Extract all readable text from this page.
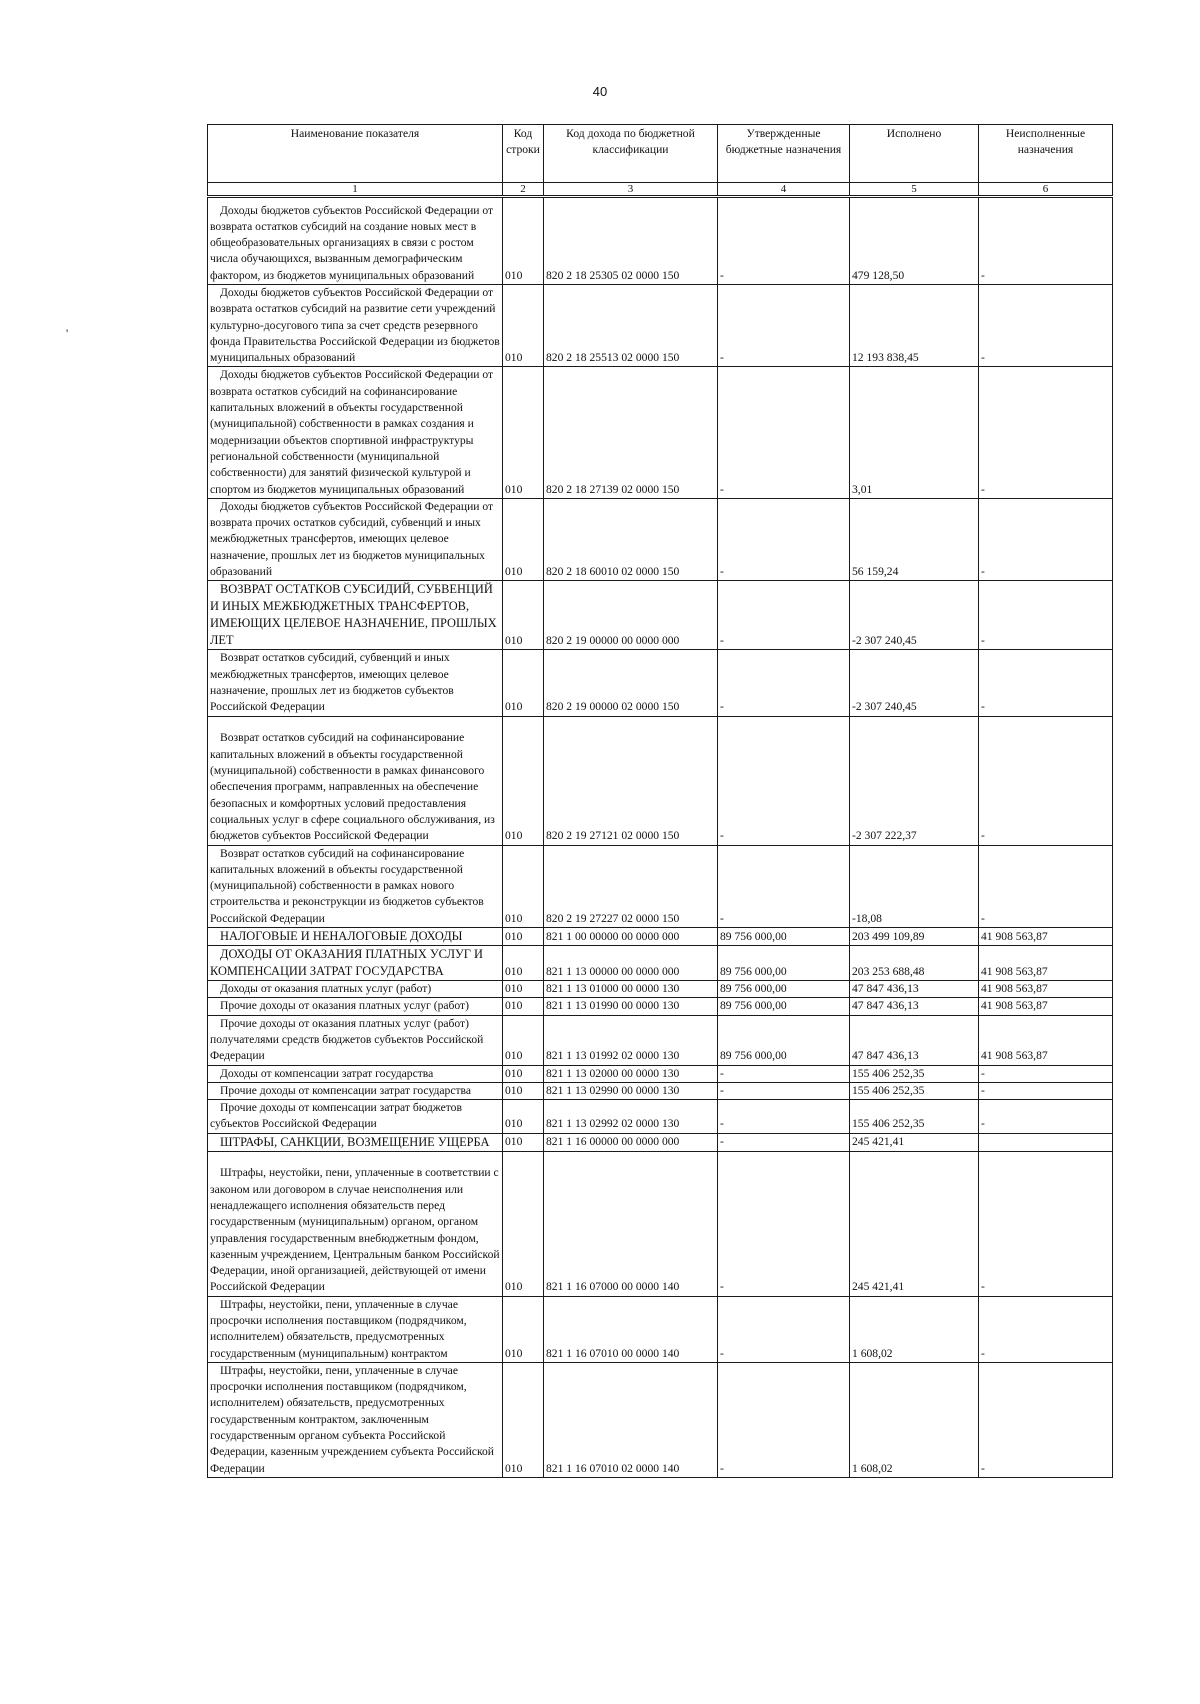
40
'
Наименование показателя	Код строки	Код дохода по бюджетной классификации	Утвержденные бюджетные назначения	Исполнено	Неисполненные назначения
1	2	3	4	5	6
Доходы бюджетов субъектов Российской Федерации от возврата остатков субсидий на создание новых мест в общеобразовательных организациях в связи с ростом числа обучающихся, вызванным демографическим фактором, из бюджетов муниципальных образований	010	820 2 18 25305 02 0000 150	-	479 128,50	-
Доходы бюджетов субъектов Российской Федерации от возврата остатков субсидий на развитие сети учреждений культурно-досугового типа за счет средств резервного фонда Правительства Российской Федерации из бюджетов муниципальных образований	010	820 2 18 25513 02 0000 150	-	12 193 838,45	-
Доходы бюджетов субъектов Российской Федерации от возврата остатков субсидий на софинансирование капитальных вложений в объекты государственной (муниципальной) собственности в рамках создания и модернизации объектов спортивной инфраструктуры региональной собственности (муниципальной собственности) для занятий физической культурой и спортом из бюджетов муниципальных образований	010	820 2 18 27139 02 0000 150	-	3,01	-
Доходы бюджетов субъектов Российской Федерации от возврата прочих остатков субсидий, субвенций и иных межбюджетных трансфертов, имеющих целевое назначение, прошлых лет из бюджетов муниципальных образований	010	820 2 18 60010 02 0000 150	-	56 159,24	-
ВОЗВРАТ ОСТАТКОВ СУБСИДИЙ, СУБВЕНЦИЙ И ИНЫХ МЕЖБЮДЖЕТНЫХ ТРАНСФЕРТОВ, ИМЕЮЩИХ ЦЕЛЕВОЕ НАЗНАЧЕНИЕ, ПРОШЛЫХ ЛЕТ	010	820 2 19 00000 00 0000 000	-	-2 307 240,45	-
Возврат остатков субсидий, субвенций и иных межбюджетных трансфертов, имеющих целевое назначение, прошлых лет из бюджетов субъектов Российской Федерации	010	820 2 19 00000 02 0000 150	-	-2 307 240,45	-
Возврат остатков субсидий на софинансирование капитальных вложений в объекты государственной (муниципальной) собственности в рамках финансового обеспечения программ, направленных на обеспечение безопасных и комфортных условий предоставления социальных услуг в сфере социального обслуживания, из бюджетов субъектов Российской Федерации	010	820 2 19 27121 02 0000 150	-	-2 307 222,37	-
Возврат остатков субсидий на софинансирование капитальных вложений в объекты государственной (муниципальной) собственности в рамках нового строительства и реконструкции из бюджетов субъектов Российской Федерации	010	820 2 19 27227 02 0000 150	-	-18,08	-
НАЛОГОВЫЕ И НЕНАЛОГОВЫЕ ДОХОДЫ	010	821 1 00 00000 00 0000 000	89 756 000,00	203 499 109,89	41 908 563,87
ДОХОДЫ ОТ ОКАЗАНИЯ ПЛАТНЫХ УСЛУГ И КОМПЕНСАЦИИ ЗАТРАТ ГОСУДАРСТВА	010	821 1 13 00000 00 0000 000	89 756 000,00	203 253 688,48	41 908 563,87
Доходы от оказания платных услуг (работ)	010	821 1 13 01000 00 0000 130	89 756 000,00	47 847 436,13	41 908 563,87
Прочие доходы от оказания платных услуг (работ)	010	821 1 13 01990 00 0000 130	89 756 000,00	47 847 436,13	41 908 563,87
Прочие доходы от оказания платных услуг (работ) получателями средств бюджетов субъектов Российской Федерации	010	821 1 13 01992 02 0000 130	89 756 000,00	47 847 436,13	41 908 563,87
Доходы от компенсации затрат государства	010	821 1 13 02000 00 0000 130	-	155 406 252,35	-
Прочие доходы от компенсации затрат государства	010	821 1 13 02990 00 0000 130	-	155 406 252,35	-
Прочие доходы от компенсации затрат бюджетов субъектов Российской Федерации	010	821 1 13 02992 02 0000 130	-	155 406 252,35	-
ШТРАФЫ, САНКЦИИ, ВОЗМЕЩЕНИЕ УЩЕРБА	010	821 1 16 00000 00 0000 000	-	245 421,41	
Штрафы, неустойки, пени, уплаченные в соответствии с законом или договором в случае неисполнения или ненадлежащего исполнения обязательств перед государственным (муниципальным) органом, органом управления государственным внебюджетным фондом, казенным учреждением, Центральным банком Российской Федерации, иной организацией, действующей от имени Российской Федерации	010	821 1 16 07000 00 0000 140	-	245 421,41	-
Штрафы, неустойки, пени, уплаченные в случае просрочки исполнения поставщиком (подрядчиком, исполнителем) обязательств, предусмотренных государственным (муниципальным) контрактом	010	821 1 16 07010 00 0000 140	-	1 608,02	-
Штрафы, неустойки, пени, уплаченные в случае просрочки исполнения поставщиком (подрядчиком, исполнителем) обязательств, предусмотренных государственным контрактом, заключенным государственным органом субъекта Российской Федерации, казенным учреждением субъекта Российской Федерации	010	821 1 16 07010 02 0000 140	-	1 608,02	-
